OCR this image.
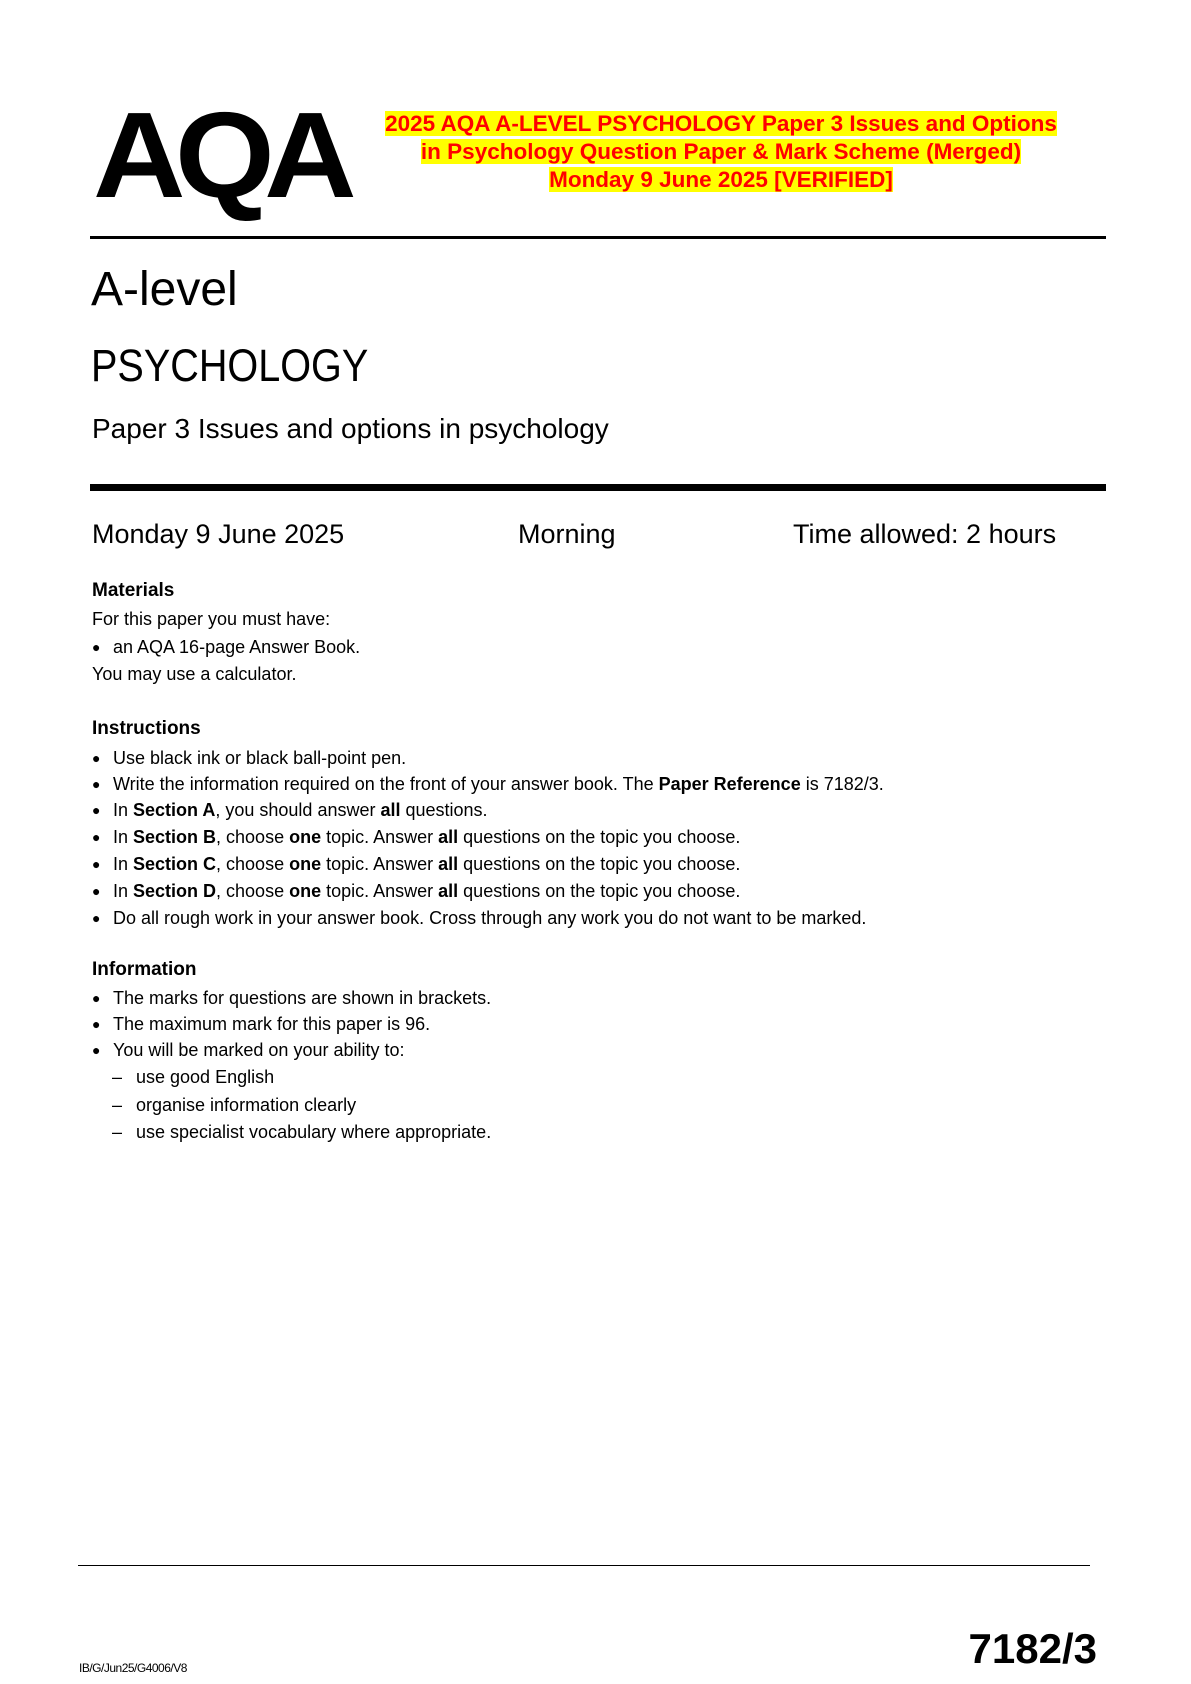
AQA	2025 AQA A-LEVEL PSYCHOLOGY Paper 3 Issues and Options
in Psychology Question Paper & Mark Scheme (Merged)
Monday 9 June 2025 [VERIFIED]
A-level
PSYCHOLOGY
Paper 3 Issues and options in psychology
Monday 9 June 2025	Morning	Time allowed: 2 hours
Materials
For this paper you must have:
● an AQA 16-page Answer Book.
You may use a calculator.
Instructions
● Use black ink or black ball-point pen.
● Write the information required on the front of your answer book. The Paper Reference is 7182/3.
● In Section A, you should answer all questions.
● In Section B, choose one topic. Answer all questions on the topic you choose.
● In Section C, choose one topic. Answer all questions on the topic you choose.
● In Section D, choose one topic. Answer all questions on the topic you choose.
● Do all rough work in your answer book. Cross through any work you do not want to be marked.
Information
● The marks for questions are shown in brackets.
● The maximum mark for this paper is 96.
● You will be marked on your ability to:
– use good English
– organise information clearly
– use specialist vocabulary where appropriate.
7182/3
IB/G/Jun25/G4006/V8
